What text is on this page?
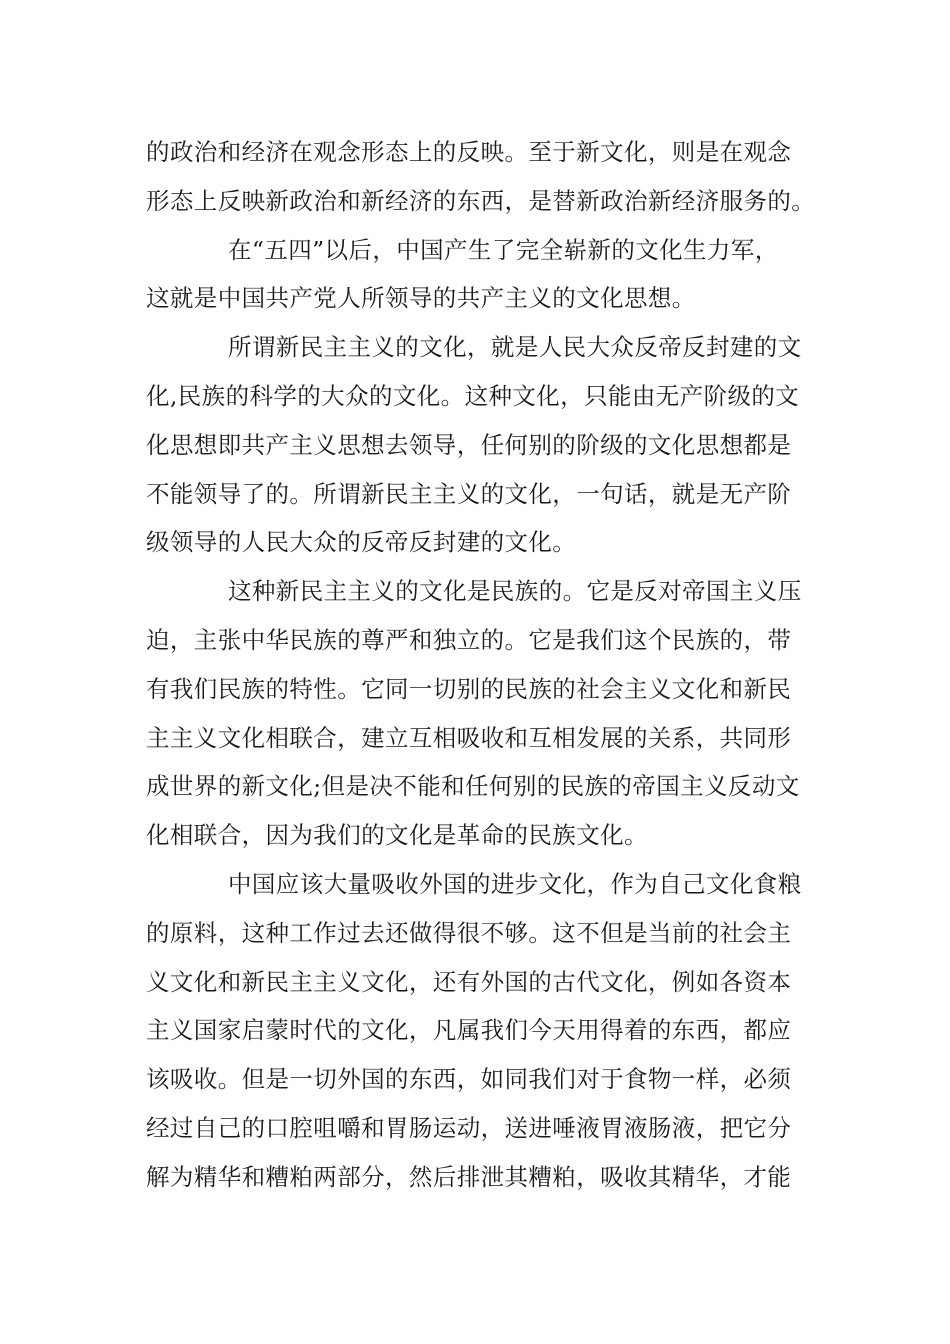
的政治和经济在观念形态上的反映。至于新文化，则是在观念
形态上反映新政治和新经济的东西，是替新政治新经济服务的。
在“五四”以后，中国产生了完全崭新的文化生力军，
这就是中国共产党人所领导的共产主义的文化思想。
所谓新民主主义的文化，就是人民大众反帝反封建的文
化,民族的科学的大众的文化。这种文化，只能由无产阶级的文
化思想即共产主义思想去领导，任何别的阶级的文化思想都是
不能领导了的。所谓新民主主义的文化，一句话，就是无产阶
级领导的人民大众的反帝反封建的文化。
这种新民主主义的文化是民族的。它是反对帝国主义压
迫，主张中华民族的尊严和独立的。它是我们这个民族的，带
有我们民族的特性。它同一切别的民族的社会主义文化和新民
主主义文化相联合，建立互相吸收和互相发展的关系，共同形
成世界的新文化;但是决不能和任何别的民族的帝国主义反动文
化相联合，因为我们的文化是革命的民族文化。
中国应该大量吸收外国的进步文化，作为自己文化食粮
的原料，这种工作过去还做得很不够。这不但是当前的社会主
义文化和新民主主义文化，还有外国的古代文化，例如各资本
主义国家启蒙时代的文化，凡属我们今天用得着的东西，都应
该吸收。但是一切外国的东西，如同我们对于食物一样，必须
经过自己的口腔咀嚼和胃肠运动，送进唾液胃液肠液，把它分
解为精华和糟粕两部分，然后排泄其糟粕，吸收其精华，才能
